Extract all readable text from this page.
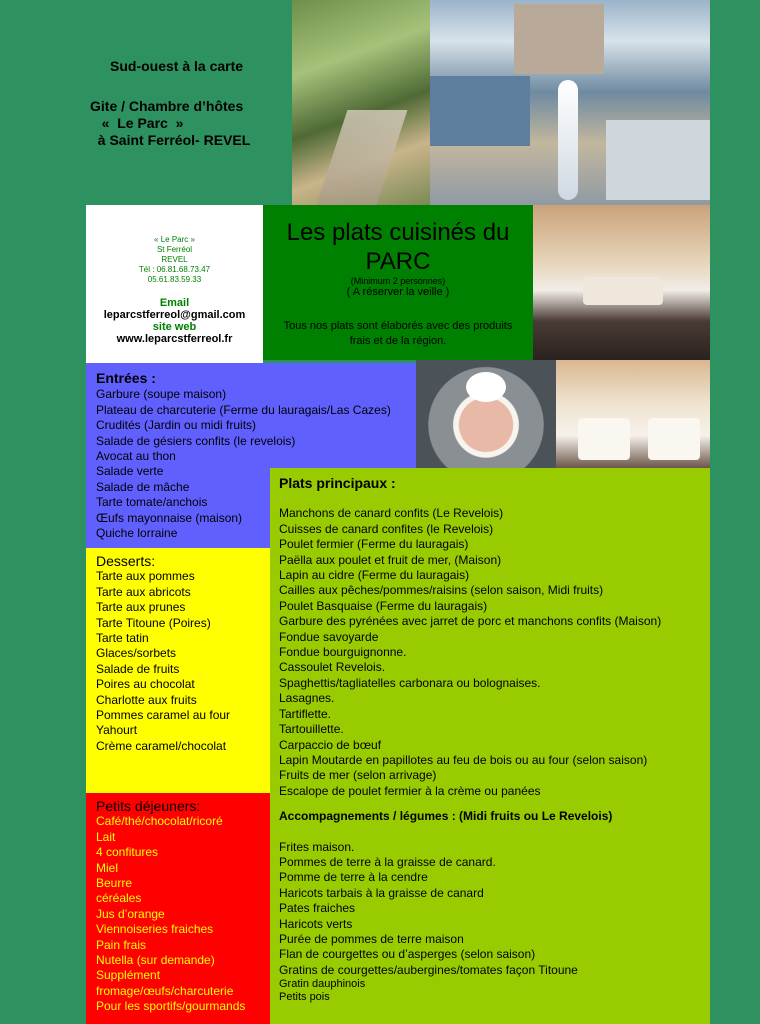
Sud-ouest à la carte
Gite / Chambre d’hôtes
«  Le Parc  »
à Saint Ferréol- REVEL
« Le Parc »
St Ferréol
REVEL
Tél : 06.81.68.73.47
05.61.83.59.33
Email
leparcstferreol@gmail.com
site web
www.leparcstferreol.fr
Les plats cuisinés du PARC
(Minimum 2 personnes)
( A réserver la veille )
Tous nos plats sont élaborés avec des produits frais et de la région.
Entrées :
Garbure (soupe maison)
Plateau de charcuterie (Ferme du lauragais/Las Cazes)
Crudités (Jardin ou midi fruits)
Salade de gésiers confits (le revelois)
Avocat au thon
Salade verte
Salade de mâche
Tarte tomate/anchois
Œufs mayonnaise (maison)
Quiche lorraine
Desserts:
Tarte aux pommes
Tarte aux abricots
Tarte aux prunes
Tarte Titoune (Poires)
Tarte tatin
Glaces/sorbets
Salade de fruits
Poires au chocolat
Charlotte aux fruits
Pommes caramel au four
Yahourt
Crème caramel/chocolat
Petits déjeuners:
Café/thé/chocolat/ricoré
Lait
4 confitures
Miel
Beurre
céréales
Jus d’orange
Viennoiseries fraiches
Pain frais
Nutella (sur demande)
Supplément
fromage/œufs/charcuterie
Pour les sportifs/gourmands
Plats principaux :
Manchons de canard confits (Le Revelois)
Cuisses de canard confites (le Revelois)
Poulet fermier (Ferme du lauragais)
Paëlla aux poulet et fruit de mer, (Maison)
Lapin au cidre (Ferme du lauragais)
Cailles aux pêches/pommes/raisins (selon saison, Midi fruits)
Poulet Basquaise (Ferme du lauragais)
Garbure des pyrénées avec jarret de porc et manchons confits (Maison)
Fondue savoyarde
Fondue bourguignonne.
Cassoulet Revelois.
Spaghettis/tagliatelles carbonara ou bolognaises.
Lasagnes.
Tartiflette.
Tartouillette.
Carpaccio de bœuf
Lapin Moutarde en papillotes au feu de bois ou au four (selon saison)
Fruits de mer (selon arrivage)
Escalope de poulet fermier à la crème ou panées
Accompagnements / légumes : (Midi fruits ou Le Revelois)
Frites maison.
Pommes de terre à la graisse de canard.
Pomme de terre à la cendre
Haricots tarbais à la graisse de canard
Pates fraiches
Haricots verts
Purée de pommes de terre maison
Flan de courgettes ou d’asperges (selon saison)
Gratins de courgettes/aubergines/tomates façon Titoune
Gratin dauphinois
Petits pois
